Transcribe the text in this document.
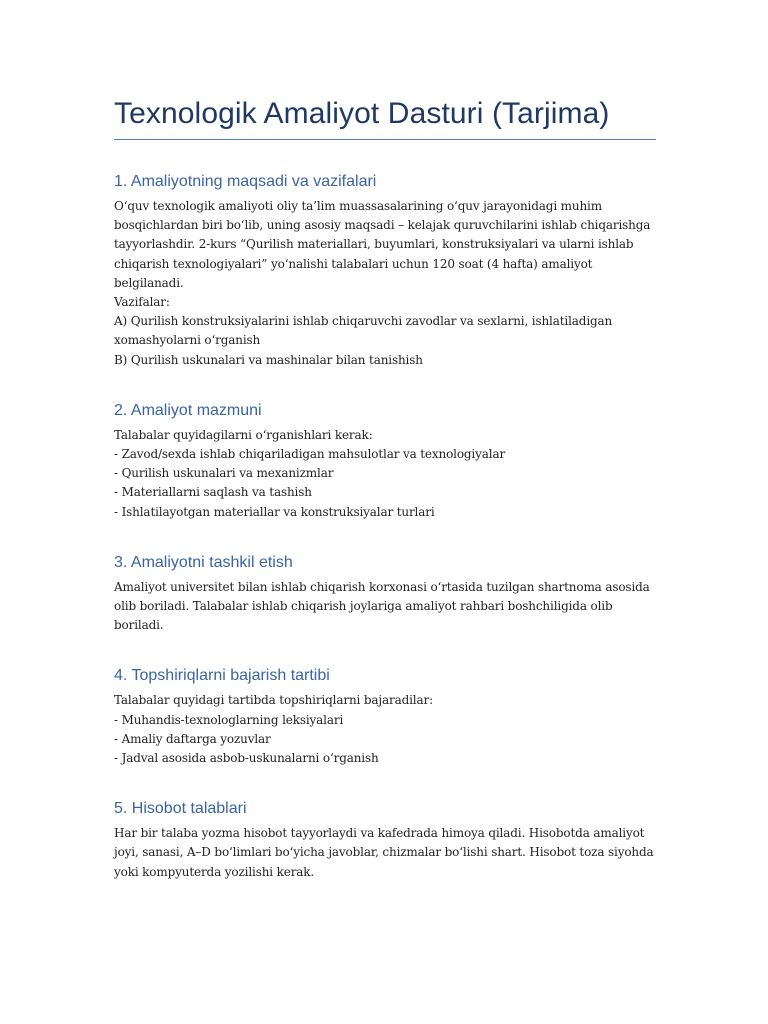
Texnologik Amaliyot Dasturi (Tarjima)
1. Amaliyotning maqsadi va vazifalari

O‘quv texnologik amaliyoti oliy ta’lim muassasalarining o‘quv jarayonidagi muhim
bosqichlardan biri bo‘lib, uning asosiy maqsadi – kelajak quruvchilarini ishlab chiqarishga
tayyorlashdir. 2-kurs “Qurilish materiallari, buyumlari, konstruksiyalari va ularni ishlab
chiqarish texnologiyalari” yo‘nalishi talabalari uchun 120 soat (4 hafta) amaliyot
belgilanadi.
Vazifalar:
A) Qurilish konstruksiyalarini ishlab chiqaruvchi zavodlar va sexlarni, ishlatiladigan
xomashyolarni o‘rganish
B) Qurilish uskunalari va mashinalar bilan tanishish

2. Amaliyot mazmuni

Talabalar quyidagilarni o‘rganishlari kerak:
- Zavod/sexda ishlab chiqariladigan mahsulotlar va texnologiyalar
- Qurilish uskunalari va mexanizmlar
- Materiallarni saqlash va tashish
- Ishlatilayotgan materiallar va konstruksiyalar turlari

3. Amaliyotni tashkil etish

Amaliyot universitet bilan ishlab chiqarish korxonasi o‘rtasida tuzilgan shartnoma asosida
olib boriladi. Talabalar ishlab chiqarish joylariga amaliyot rahbari boshchiligida olib
boriladi.

4. Topshiriqlarni bajarish tartibi

Talabalar quyidagi tartibda topshiriqlarni bajaradilar:
- Muhandis-texnologlarning leksiyalari
- Amaliy daftarga yozuvlar
- Jadval asosida asbob-uskunalarni o‘rganish

5. Hisobot talablari

Har bir talaba yozma hisobot tayyorlaydi va kafedrada himoya qiladi. Hisobotda amaliyot
joyi, sanasi, A–D bo‘limlari bo‘yicha javoblar, chizmalar bo‘lishi shart. Hisobot toza siyohda
yoki kompyuterda yozilishi kerak.
